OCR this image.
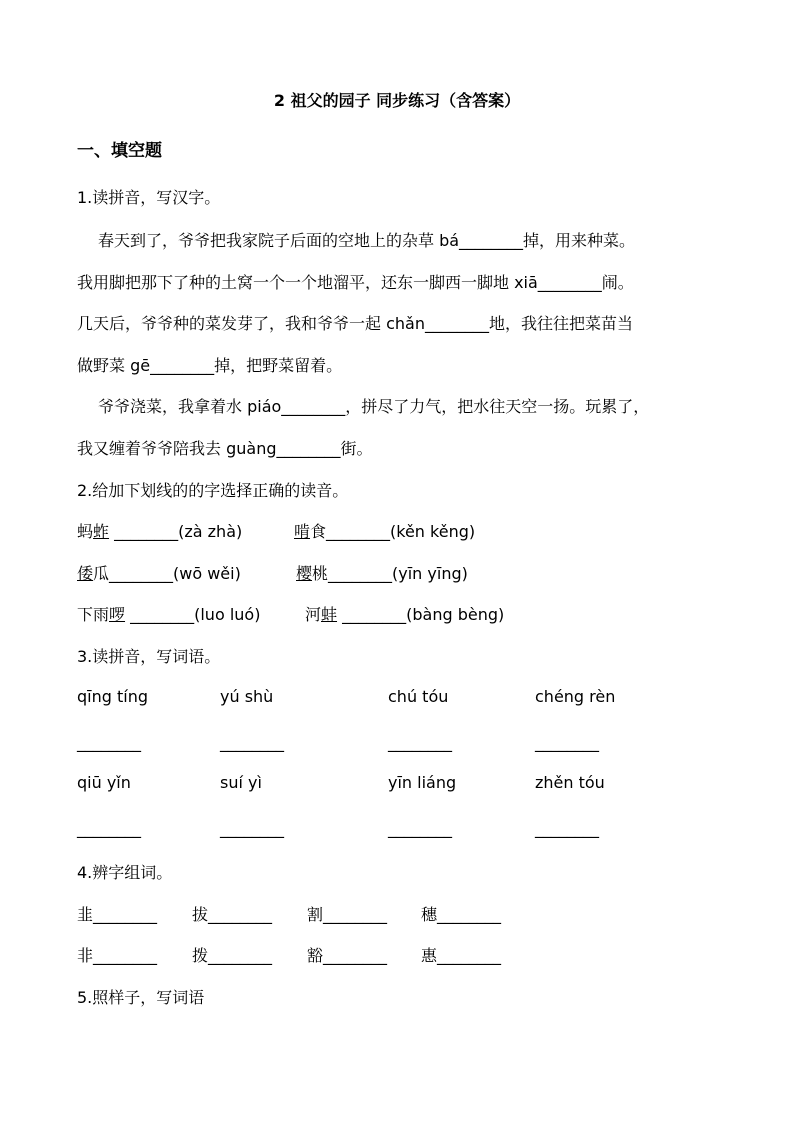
2 祖父的园子 同步练习（含答案）
一、填空题
1.读拼音，写汉字。
春天到了，爷爷把我家院子后面的空地上的杂草 bá________掉，用来种菜。
我用脚把那下了种的土窝一个一个地溜平，还东一脚西一脚地 xiā________闹。
几天后，爷爷种的菜发芽了，我和爷爷一起 chǎn________地，我往往把菜苗当
做野菜 gē________掉，把野菜留着。
爷爷浇菜，我拿着水 piáo________，拼尽了力气，把水往天空一扬。玩累了，
我又缠着爷爷陪我去 guàng________街。
2.给加下划线的的字选择正确的读音。
蚂蚱 ________(zà zhà)	啃食________(kěn kěng)
倭瓜________(wō wěi)	樱桃________(yīn yīng)
下雨啰 ________(luo luó)	河蚌 ________(bàng bèng)
3.读拼音，写词语。
qīng tíng	yú shù	chú tóu	chéng rèn
________	________	________	________
qiū yǐn	suí yì	yīn liáng	zhěn tóu
________	________	________	________
4.辨字组词。
韭________ 拔________ 割________ 穗________
非________ 拨________ 豁________ 惠________
5.照样子，写词语
